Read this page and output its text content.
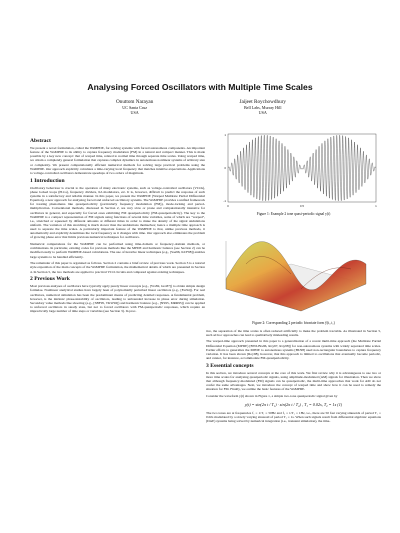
Analysing Forced Oscillators with Multiple Time Scales
Onuttom Narayan
UC Santa Cruz
USA
Jaijeet Roychowdhury
Bell Labs, Murray Hill
USA
Abstract

We present a novel formulation, called the WaMPDE, for solving systems with forced autonomous components. An important feature of the WaMPDE is its ability to capture frequency modulation (FM) in a natural and compact manner. This is made possible by a key new concept: that of warped time, related to normal time through separate time scales. Using warped time, we obtain a completely general formulation that captures complex dynamics in autonomous nonlinear systems of arbitrary size or complexity. We present computationally efficient numerical methods for solving large practical problems using the WaMPDE. Our approach explicitly calculates a time-varying local frequency that matches intuitive expectations. Applications to voltage-controlled oscillators demonstrate speedups of two orders of magnitude.

1 Introduction

Oscillatory behaviour is crucial to the operation of many electronic systems, such as voltage-controlled oscillators (VCOs), phase locked loops (PLLs), frequency dividers, ΣΔ modulators, etc. It is, however, difficult to predict the response of such systems in a satisfactory and reliable manner. In this paper, we present the WaMPDE (Warped Multirate Partial Differential Equation), a new approach for analysing forced and unforced oscillatory systems. The WaMPDE provides a unified framework for treating phenomena like quasiperiodicity (particularly frequency modulation (FM)), mode-locking and period-multiplication. Conventional methods, discussed in Section 2, are very slow or prone and computationally intensive for oscillators in general, and especially for forced ones exhibiting FM quasiperiodicity (FM-quasiperiodicity). The key to the WaMPDE is a compact representation of FM signals using functions of several time variables, some of which are "warped", i.e., stretched or squeezed by different amounts at different times in order to make the density of the signal undulations uniform. The variation of this stretching is much slower than the undulations themselves; hence a multiple time approach is used to separate the time scales. A particularly important feature of the WaMPDE is that, unlike previous methods, it automatically and explicitly determines the local frequency as it changes with time. Our approach also eliminates the problem of growing phase error that limits previous numerical techniques for oscillators.

Numerical computations for the WaMPDE can be performed using time-domain or frequency-domain methods, or combinations. In particular, existing codes for previous methods like the MPDE and harmonic balance (see Section 2) can be modified easily to perform WaMPDE-based calculations. The use of iterative linear techniques (e.g., [Saa96, KCF98]) enables large systems to be handled efficiently.

The remainder of this paper is organized as follows. Section 2 contains a brief review of previous work. Section 3 is a tutorial style exposition of the main concepts of the WaMPDE formulation, the mathematical details of which are presented in Section 4. In Section 5, the two methods are applied to practical VCO circuits and compared against existing techniques.

2 Previous Work

Most previous analyses of oscillators have typically apply purely linear concepts (e.g., [Vra82, Gro87]) to obtain simple design formulae. Nonlinear analytical studies have largely been of polynomially perturbed linear oscillators (e.g., [Far94]). For real oscillators, numerical simulation has been the predominant means of predicting detailed responses. A fundamental problem, however, is the intrinsic phase-instability of oscillators, leading to unbounded increase in phase error during simulation. Secondary value methods like shooting (e.g., [SBF95, TKW92]) and harmonic balance (e.g., [NS95, MRR95]) can be applied to unforced oscillators in steady state, but not to forced oscillators with FM-quasiperiodic responses, which require an impractically large number of time steps or variables (see Section 3). In prac-

1
0
-1
0	0.5	1
Figure 1: Example 2 tone quasi-periodic signal y(t)
Figure 2: Corresponding 2 periodic bivariate form ŷ(t₁,t₂)

tice, the separation of the time scales is often reduced artificially to make the problem tractable. As illustrated in Section 5, such ad hoc approaches can lead to qualitatively misleading results.

The warped-time approach presented in this paper is a generalization of a recent multi-time approach (the Multirate Partial Differential Equation (MPDE) [BWLBG96, Roy97, Roy98]) for non-autonomous systems with widely separated time scales. Earlier efforts to generalize the MPDE to autonomous systems [BU98] used non-rectangular boundaries to capture frequency variation. It has been shown [Roy98], however, that this approach is limited to oscillations that eventually become periodic, and cannot, for instance, accommodate FM-quasiperiodicity.

3 Essential concepts

In this section, we introduce several concepts at the core of this work. We first review why it is advantageous to use two or more time scales for analysing quasiperiodic signals, using amplitude-modulated (AM) signals for illustration. Then we show that although frequency-modulated (FM) signals can be quasiperiodic, the multi-time approaches that work for AM do not confer the same advantages. Next, we introduce the concept of warped time and show how it can be used to remedy the situation for FM. Finally, we outline the basic features of the WaMPDE.

Consider the waveform y(t) shown in Figure 1, a simple two-tone quasiperiodic signal given by

y(t) = sin(2π t / T₁) · sin(2π t / T₂) , T₁ = 0.02s, T₂ = 1s (1)

The two tones are at frequencies f₁ = 1/T₁ = 50Hz and f₂ = 1/T₂ = 1Hz, i.e., there are 50 fast varying sinusoids of period T₁ = 0.02s modulated by a slowly varying sinusoid of period T₂ = 1s. When such signals result from differential algebraic equations (DAE) systems being solved by numerical integration (i.e., transient simulation), the time-
